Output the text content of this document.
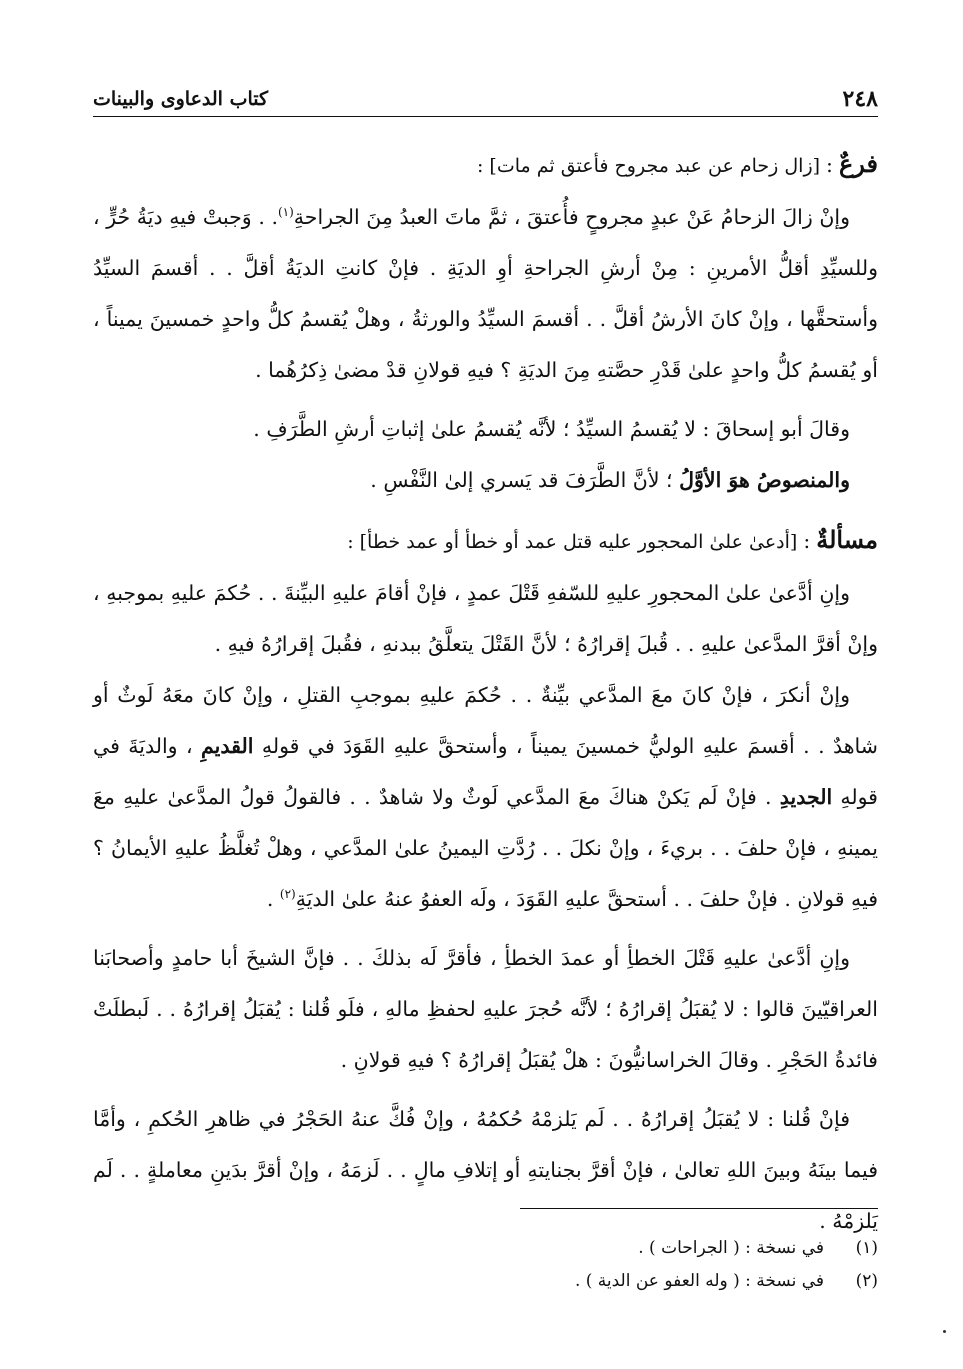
٢٤٨
كتاب الدعاوى والبينات
فرعٌ:[زال زحام عن عبد مجروح فأعتق ثم مات] :

وإنْ زالَ الزحامُ عَنْ عبدٍ مجروحٍ فأُعتقَ ، ثمَّ ماتَ العبدُ مِنَ الجراحةِ$^{(١)}$. . وَجبتْ فيهِ ديَةُ حُرٍّ ، وللسيِّدِ أقلُّ الأمرينِ : مِنْ أرشِ الجراحةِ أوِ الديَةِ . فإنْ كانتِ الديَةُ أقلَّ . . أقسمَ السيِّدُ وأستحقَّها ، وإنْ كانَ الأرشُ أقلَّ . . أقسمَ السيِّدُ والورثةُ ، وهلْ يُقسمُ كلُّ واحدٍ خمسينَ يميناً ، أو يُقسمُ كلُّ واحدٍ علىٰ قَدْرِ حصَّتهِ مِنَ الديَةِ ؟ فيهِ قولانِ قدْ مضىٰ ذِكرُهُما .

وقالَ أبو إسحاقَ : لا يُقسمُ السيِّدُ ؛ لأنَّه يُقسمُ علىٰ إثباتِ أرشِ الطَّرَفِ .

والمنصوصُ هوَ الأوَّلُ ؛ لأنَّ الطَّرَفَ قد يَسري إلىٰ النَّفْسِ .

مسألةٌ:[أدعىٰ علىٰ المحجور عليه قتل عمد أو خطأ أو عمد خطأ] :

وإنِ أدَّعىٰ علىٰ المحجورِ عليهِ للسّفهِ قَتْلَ عمدٍ ، فإنْ أقامَ عليهِ البيِّنةَ . . حُكمَ عليهِ بموجبهِ ، وإنْ أقرَّ المدَّعىٰ عليهِ . . قُبلَ إقرارُهُ ؛ لأنَّ القَتْلَ يتعلَّقُ ببدنهِ ، فقُبلَ إقرارُهُ فيهِ .

وإنْ أنكرَ ، فإنْ كانَ معَ المدَّعي بيِّنةٌ . . حُكمَ عليهِ بموجبِ القتلِ ، وإنْ كانَ معَهُ لَوثٌ أو شاهدٌ . . أقسمَ عليهِ الوليُّ خمسينَ يميناً ، وأستحقَّ عليهِ القَوَدَ في قولهِ القديمِ ، والديَةَ في قولهِ الجديدِ . فإنْ لَم يَكنْ هناكَ معَ المدَّعي لَوثٌ ولا شاهدٌ . . فالقولُ قولُ المدَّعىٰ عليهِ معَ يمينهِ ، فإنْ حلفَ . . بريءَ ، وإنْ نكلَ . . رُدَّتِ اليمينُ علىٰ المدَّعي ، وهلْ تُغلَّظُ عليهِ الأيمانُ ؟ فيهِ قولانِ . فإنْ حلفَ . . أستحقَّ عليهِ القَوَدَ ، ولَه العفوُ عنهُ علىٰ الديَةِ$^{(٢)}$ .

وإنِ أدَّعىٰ عليهِ قَتْلَ الخطأِ أو عمدَ الخطأِ ، فأقرَّ لَه بذلكَ . . فإنَّ الشيخَ أبا حامدٍ وأصحابَنا العراقيّينَ قالوا : لا يُقبَلُ إقرارُهُ ؛ لأنَّه حُجرَ عليهِ لحفظِ مالهِ ، فلَو قُلنا : يُقبَلُ إقرارُهُ . . لَبطلَتْ فائدةُ الحَجْرِ . وقالَ الخراسانيُّونَ : هلْ يُقبَلُ إقرارُهُ ؟ فيهِ قولانِ .

فإنْ قُلنا : لا يُقبَلُ إقرارُهُ . . لَم يَلزمْهُ حُكمُهُ ، وإنْ فُكَّ عنهُ الحَجْرُ في ظاهرِ الحُكمِ ، وأمَّا فيما بينَهُ وبينَ اللهِ تعالىٰ ، فإنْ أقرَّ بجنايتهِ أو إتلافِ مالٍ . . لَزمَهُ ، وإنْ أقرَّ بدَينِ معاملةٍ . . لَم يَلزمْهُ .

(١)
في نسخة : ( الجراحات ) .
(٢)
في نسخة : ( وله العفو عن الدية ) .
